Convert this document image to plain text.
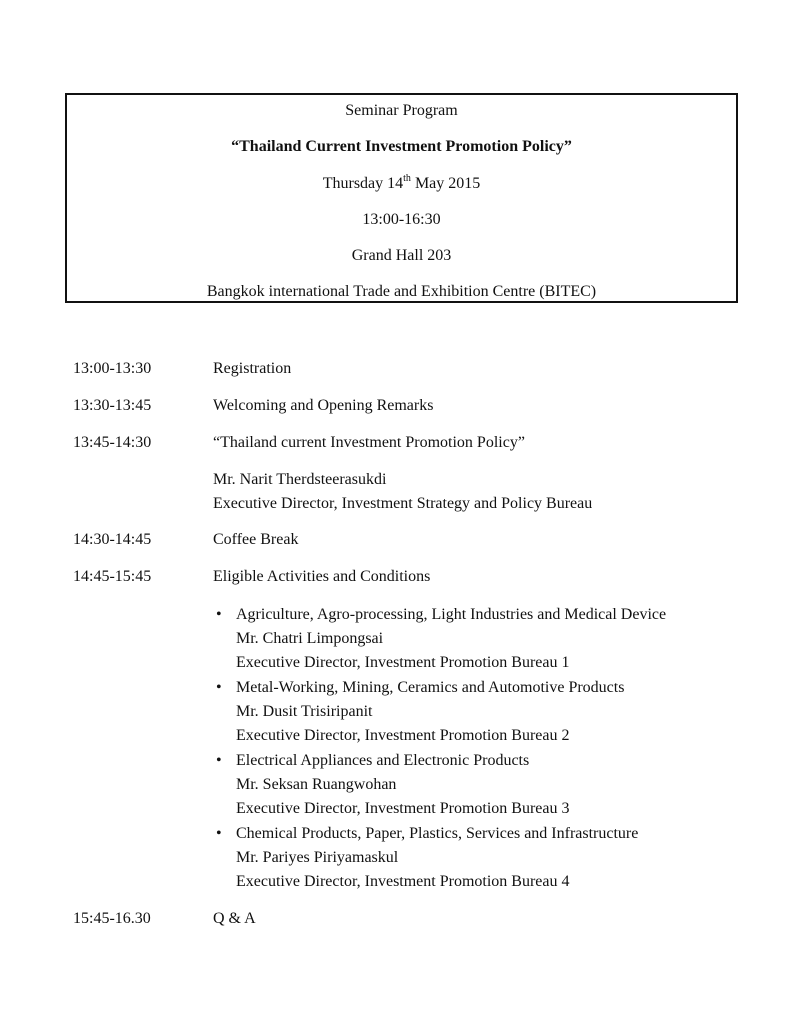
Seminar Program
“Thailand Current Investment Promotion Policy”
Thursday 14th May 2015
13:00-16:30
Grand Hall 203
Bangkok international Trade and Exhibition Centre (BITEC)
13:00-13:30	Registration
13:30-13:45	Welcoming and Opening Remarks
13:45-14:30	“Thailand current Investment Promotion Policy”
Mr. Narit Therdsteerasukdi
Executive Director, Investment Strategy and Policy Bureau
14:30-14:45	Coffee Break
14:45-15:45	Eligible Activities and Conditions
• Agriculture, Agro-processing, Light Industries and Medical Device
Mr. Chatri Limpongsai
Executive Director, Investment Promotion Bureau 1
• Metal-Working, Mining, Ceramics and Automotive Products
Mr. Dusit Trisiripanit
Executive Director, Investment Promotion Bureau 2
• Electrical Appliances and Electronic Products
Mr. Seksan Ruangwohan
Executive Director, Investment Promotion Bureau 3
• Chemical Products, Paper, Plastics, Services and Infrastructure
Mr. Pariyes Piriyamaskul
Executive Director, Investment Promotion Bureau 4
15:45-16.30	Q & A
